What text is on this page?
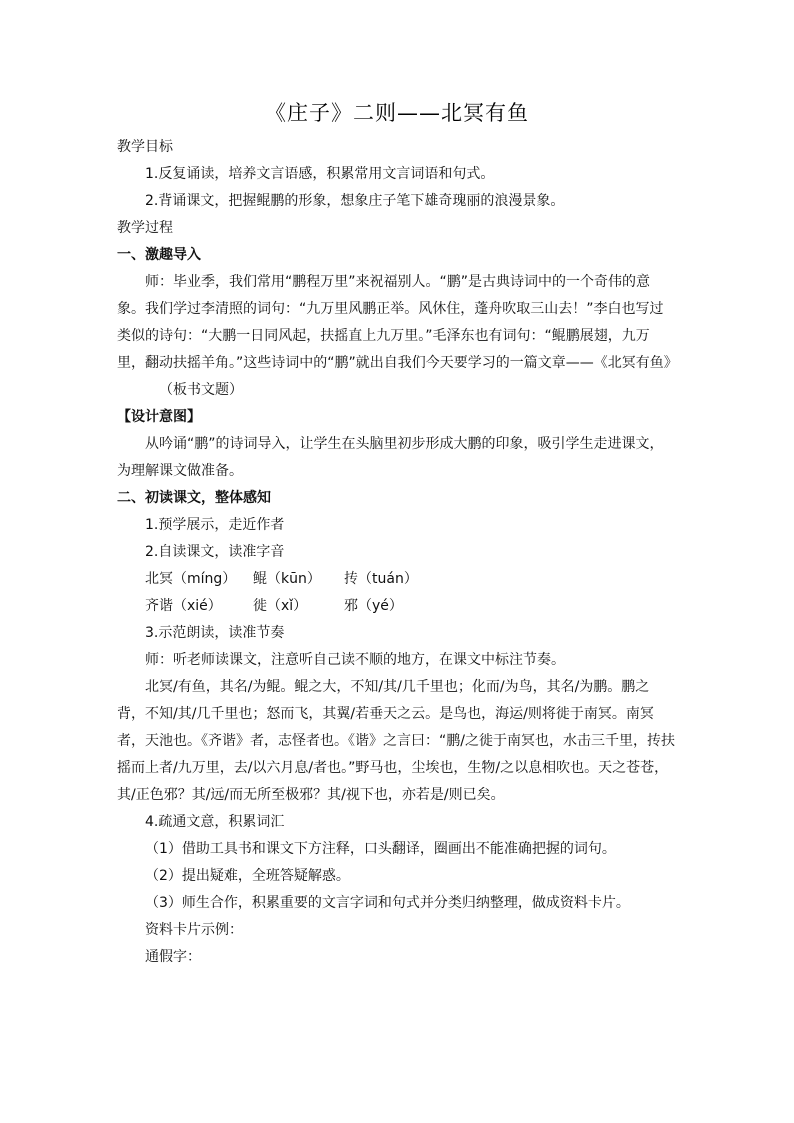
《庄子》二则——北冥有鱼

教学目标

1.反复诵读，培养文言语感，积累常用文言词语和句式。

2.背诵课文，把握鲲鹏的形象，想象庄子笔下雄奇瑰丽的浪漫景象。

教学过程

一、激趣导入

师：毕业季，我们常用“鹏程万里”来祝福别人。“鹏”是古典诗词中的一个奇伟的意象。我们学过李清照的词句：“九万里风鹏正举。风休住，蓬舟吹取三山去！”李白也写过类似的诗句：“大鹏一日同风起，扶摇直上九万里。”毛泽东也有词句：“鲲鹏展翅，九万里，翻动扶摇羊角。”这些诗词中的“鹏”就出自我们今天要学习的一篇文章——《北冥有鱼》

（板书文题）

【设计意图】

从吟诵“鹏”的诗词导入，让学生在头脑里初步形成大鹏的印象，吸引学生走进课文，为理解课文做准备。

二、初读课文，整体感知

1.预学展示，走近作者

2.自读课文，读准字音

北冥（míng）	鲲（kūn）	抟（tuán）
齐谐（xié）	徙（xǐ）	邪（yé）

3.示范朗读，读准节奏

师：听老师读课文，注意听自己读不顺的地方，在课文中标注节奏。

北冥/有鱼，其名/为鲲。鲲之大，不知/其/几千里也；化而/为鸟，其名/为鹏。鹏之背，不知/其/几千里也；怒而飞，其翼/若垂天之云。是鸟也，海运/则将徙于南冥。南冥者，天池也。《齐谐》者，志怪者也。《谐》之言曰：“鹏/之徙于南冥也，水击三千里，抟扶摇而上者/九万里，去/以六月息/者也。”野马也，尘埃也，生物/之以息相吹也。天之苍苍，其/正色邪？其/远/而无所至极邪？其/视下也，亦若是/则已矣。

4.疏通文意，积累词汇

（1）借助工具书和课文下方注释，口头翻译，圈画出不能准确把握的词句。

（2）提出疑难，全班答疑解惑。

（3）师生合作，积累重要的文言字词和句式并分类归纳整理，做成资料卡片。

资料卡片示例：

通假字：
